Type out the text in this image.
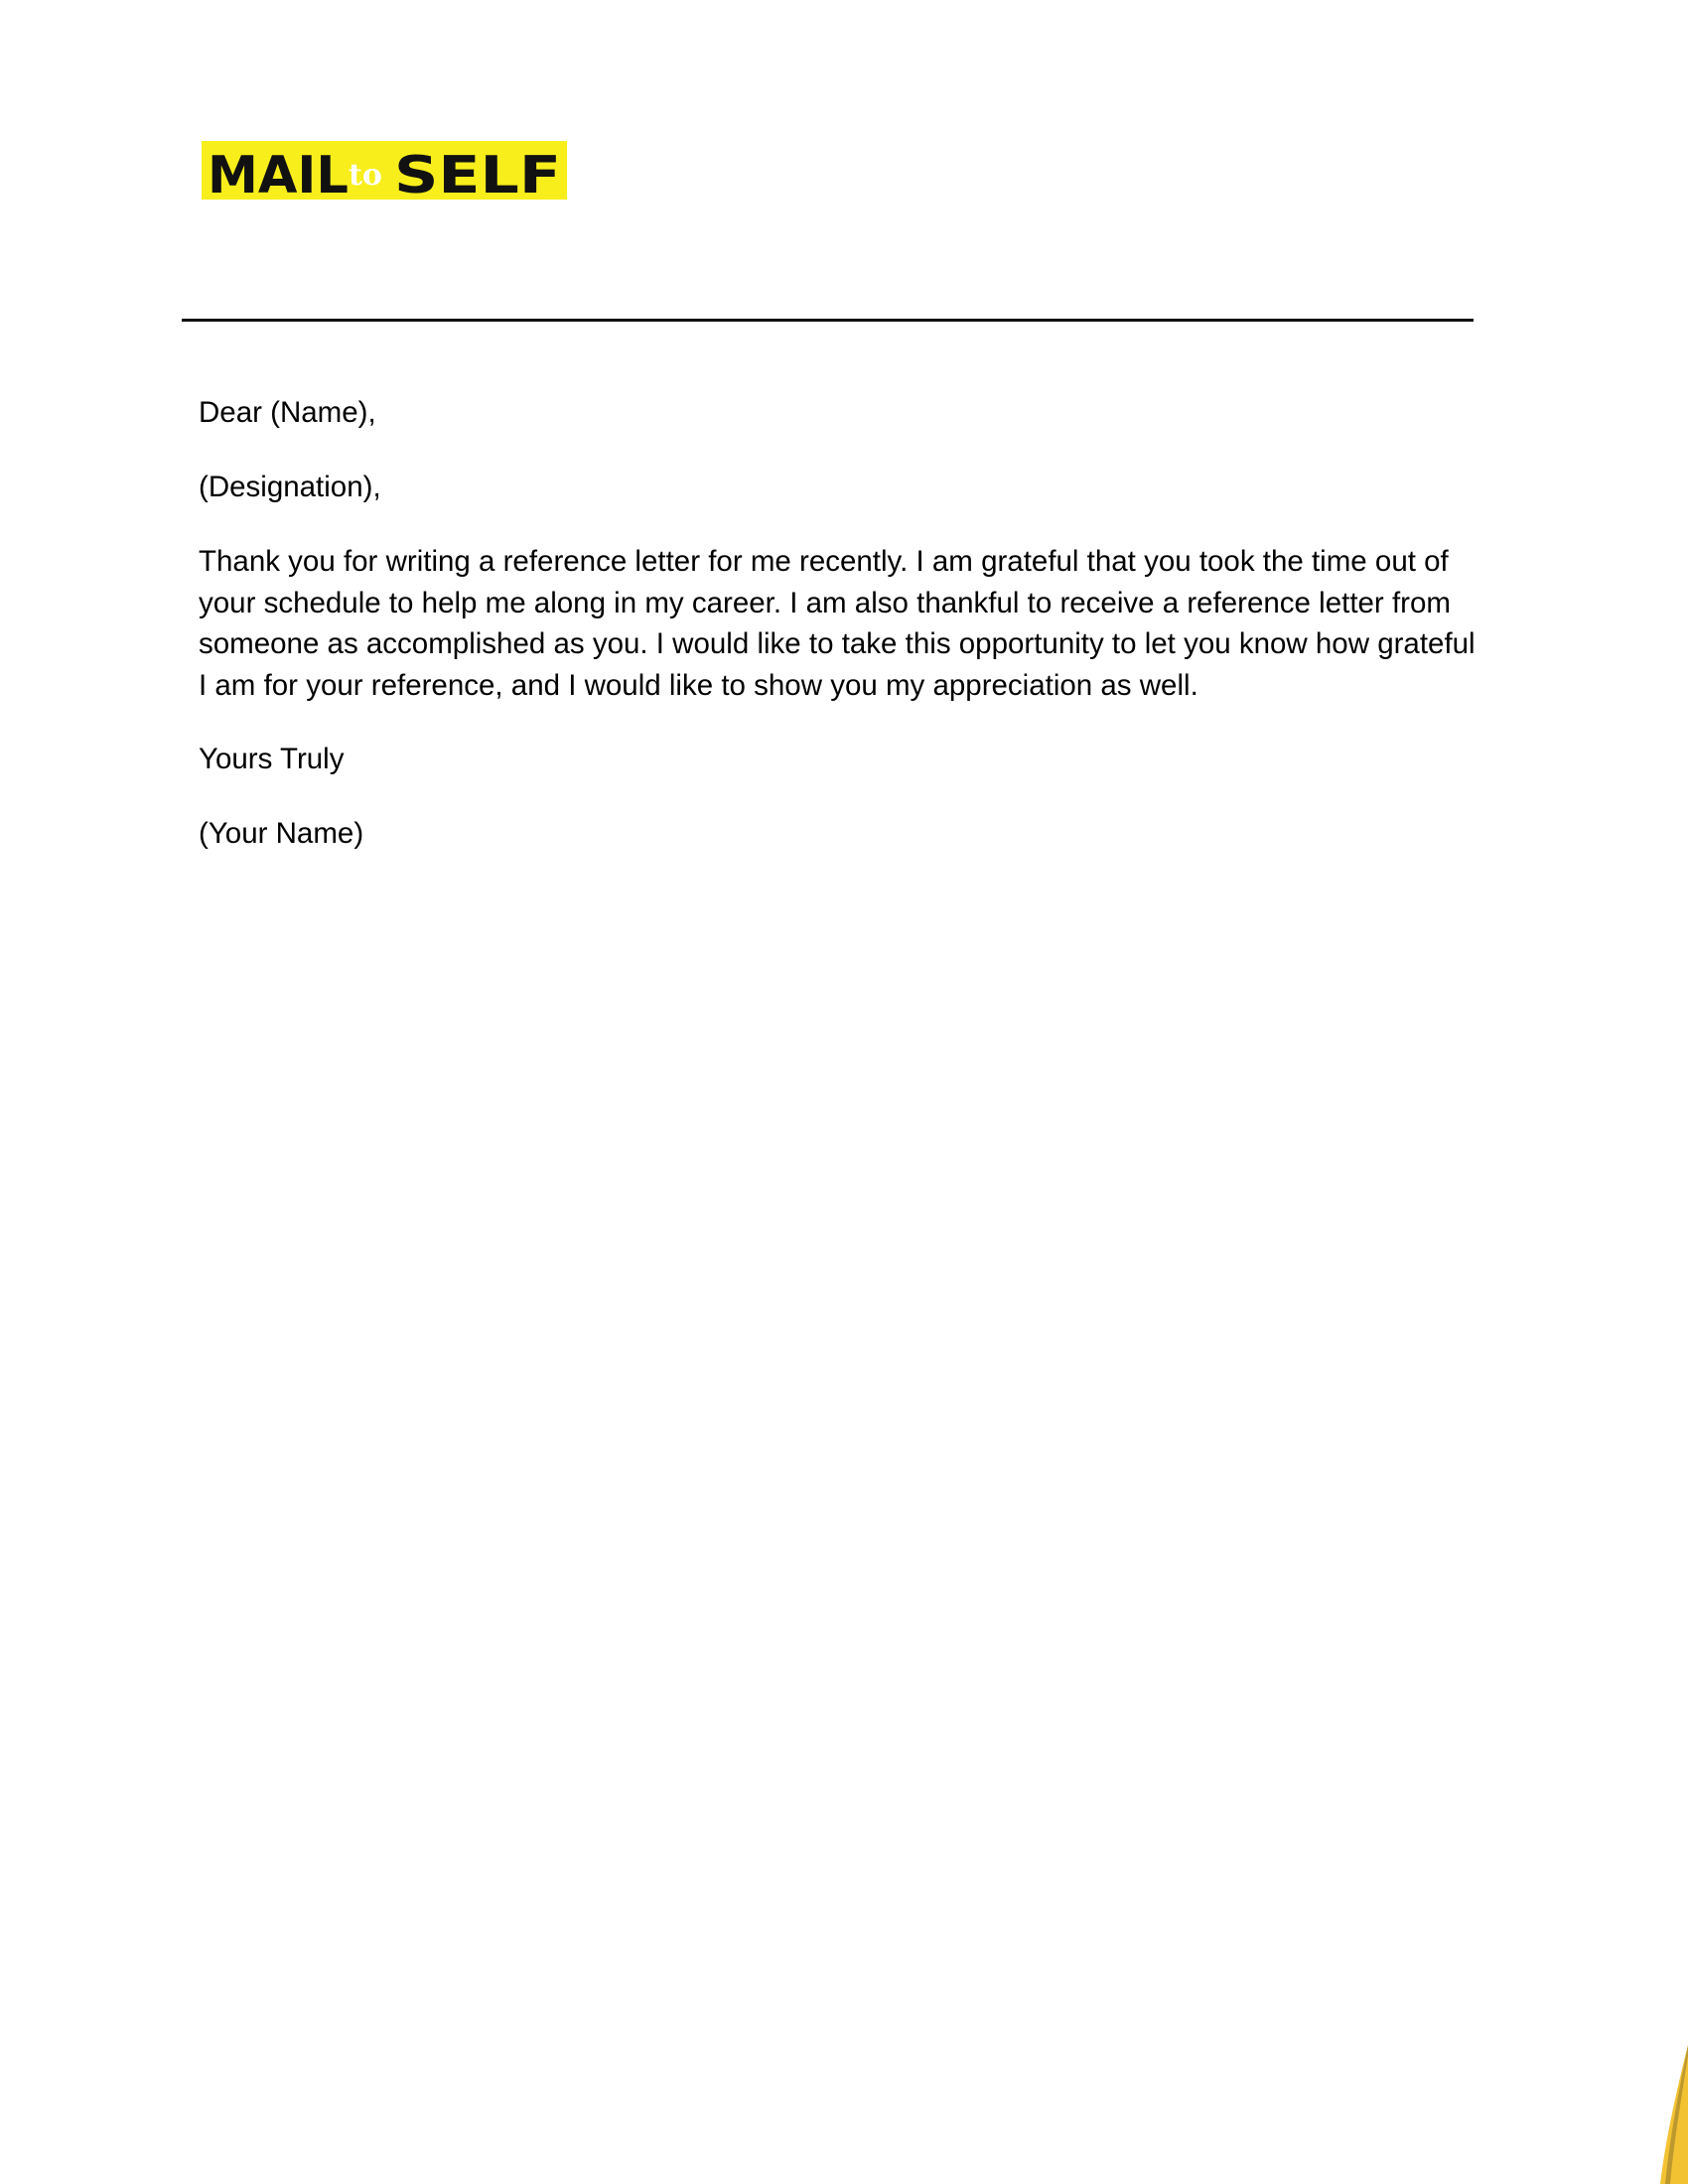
MAIL to SELF

Dear (Name),

(Designation),

Thank you for writing a reference letter for me recently. I am grateful that you took the time out of your schedule to help me along in my career. I am also thankful to receive a reference letter from someone as accomplished as you. I would like to take this opportunity to let you know how grateful I am for your reference, and I would like to show you my appreciation as well.

Yours Truly

(Your Name)
